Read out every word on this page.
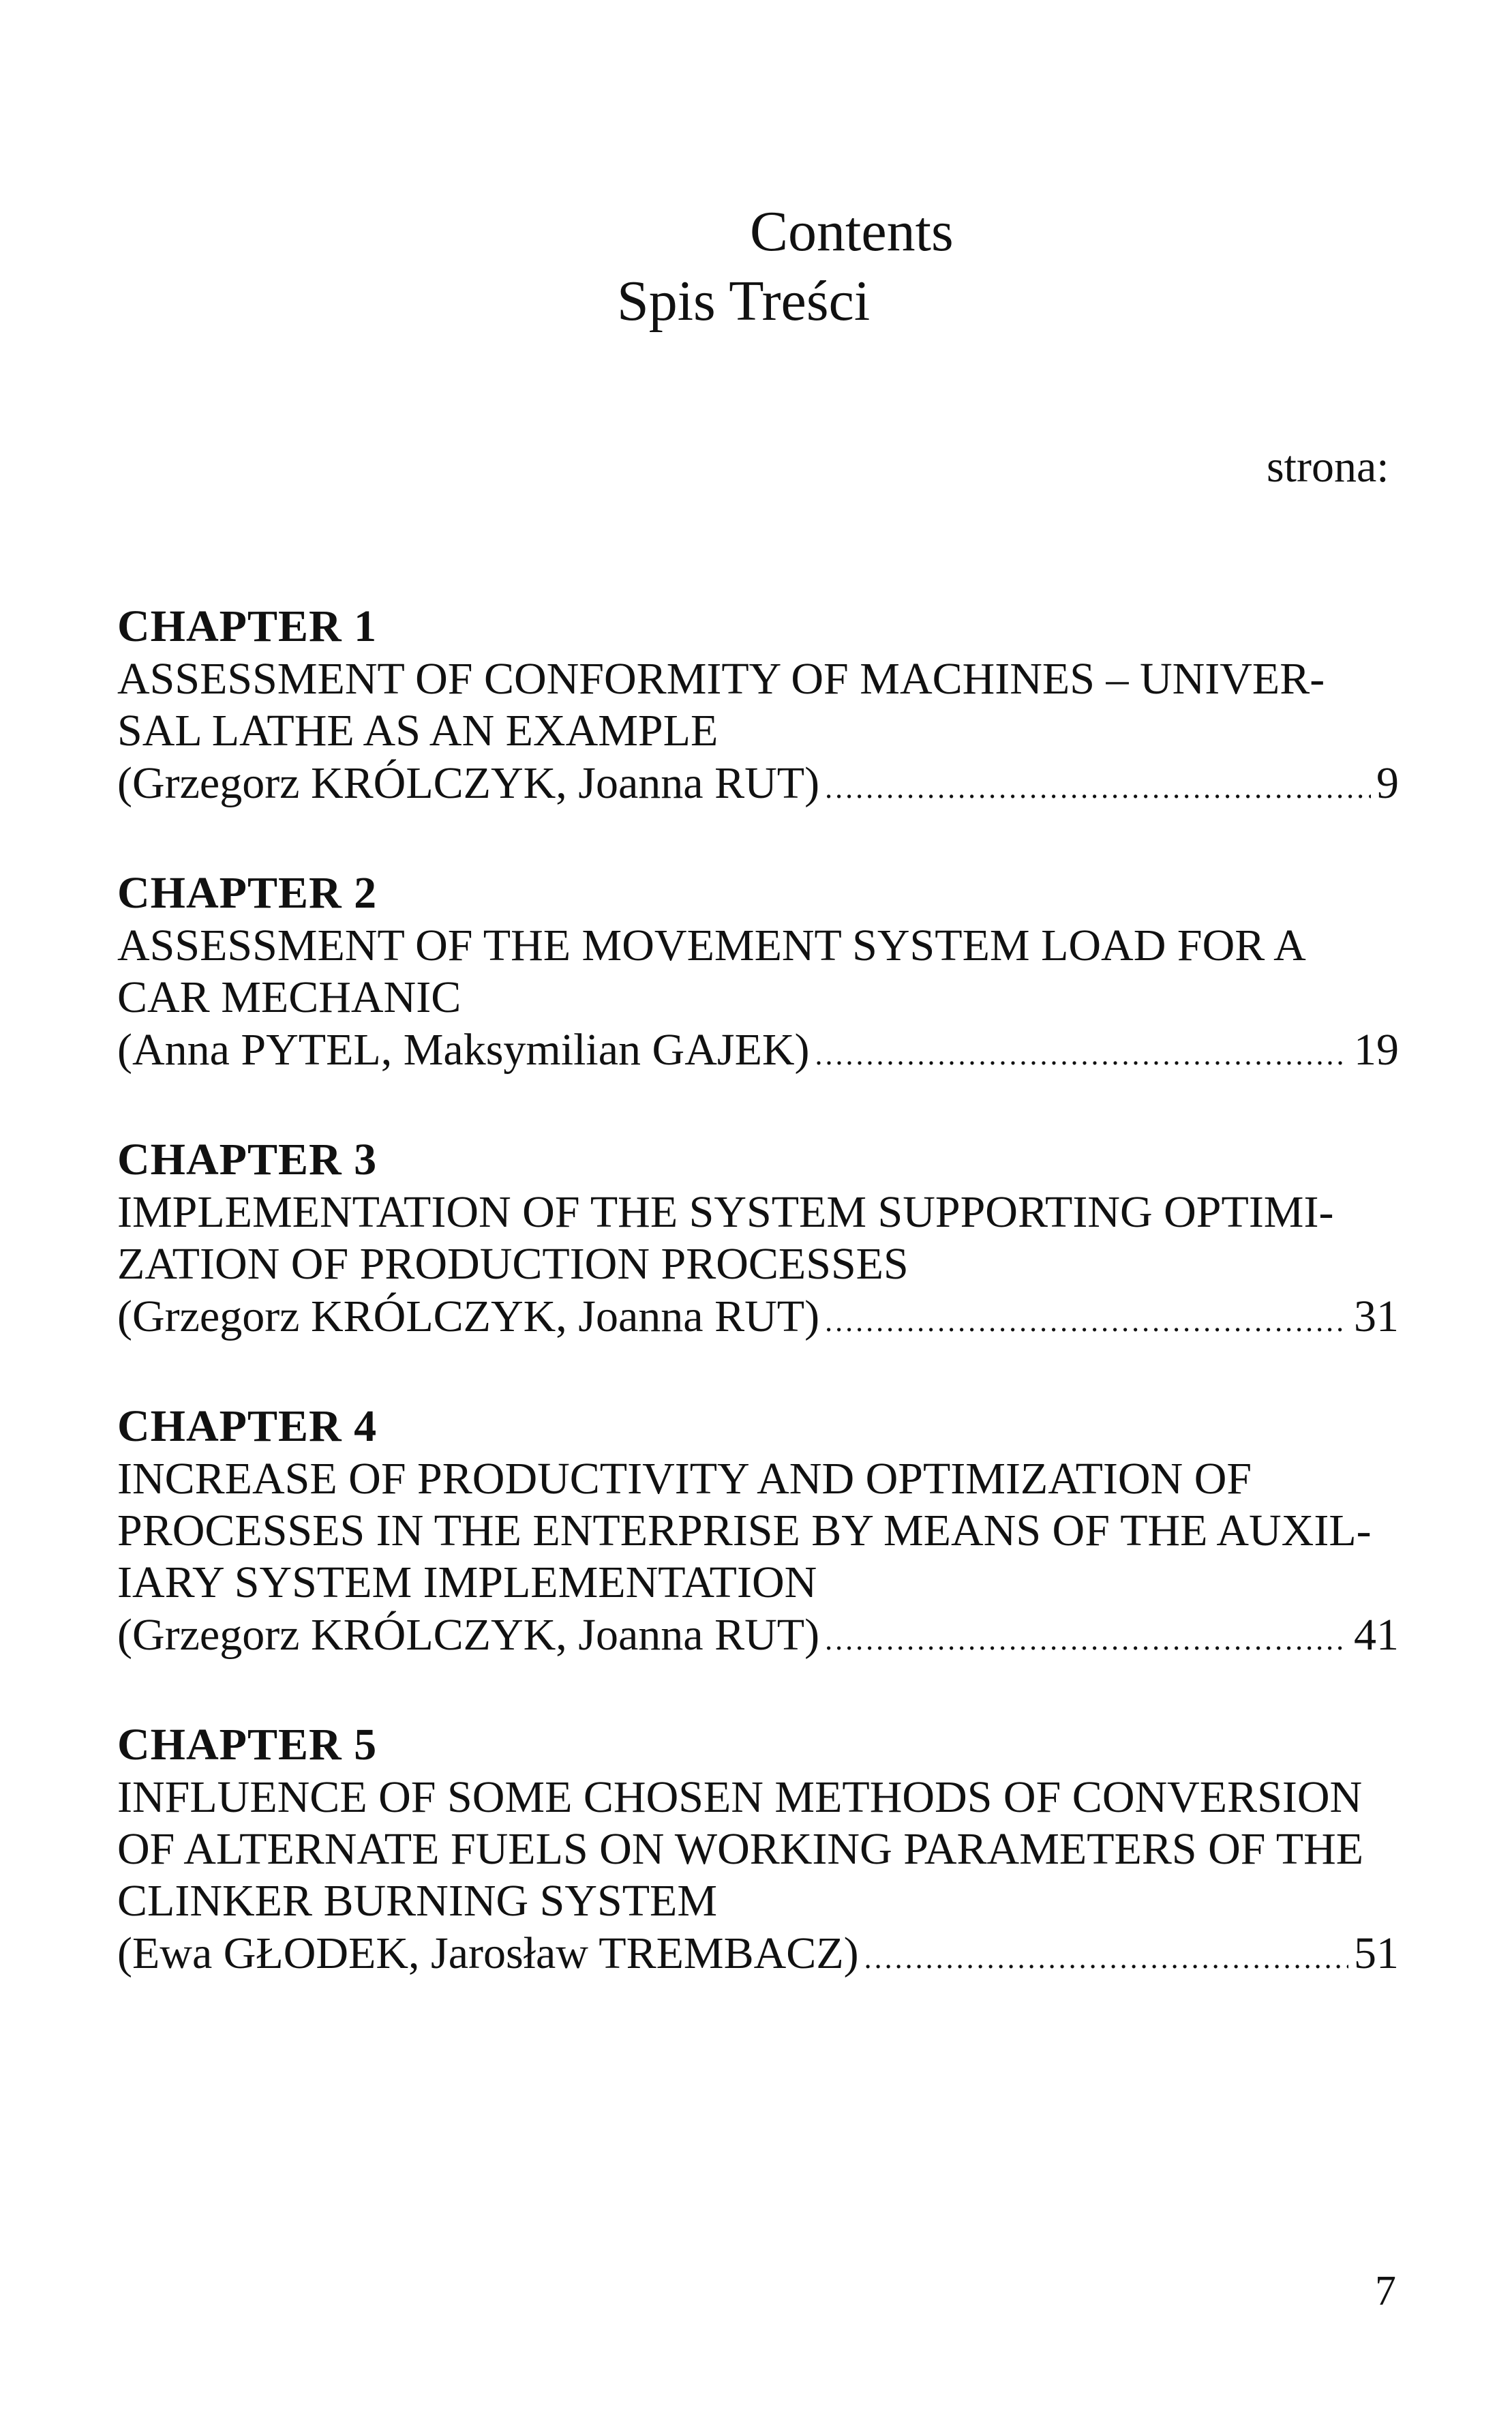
Contents
Spis Treści
strona:
CHAPTER 1
ASSESSMENT OF CONFORMITY OF MACHINES – UNIVER-
SAL LATHE AS AN EXAMPLE
(Grzegorz KRÓLCZYK, Joanna RUT) .....	9
CHAPTER 2
ASSESSMENT OF THE MOVEMENT SYSTEM LOAD FOR A
CAR MECHANIC
(Anna PYTEL, Maksymilian GAJEK) .....	19
CHAPTER 3
IMPLEMENTATION OF THE SYSTEM SUPPORTING OPTIMI-
ZATION OF PRODUCTION PROCESSES
(Grzegorz KRÓLCZYK, Joanna RUT) .....	31
CHAPTER 4
INCREASE OF PRODUCTIVITY AND OPTIMIZATION OF
PROCESSES IN THE ENTERPRISE BY MEANS OF THE AUXIL-
IARY SYSTEM IMPLEMENTATION
(Grzegorz KRÓLCZYK, Joanna RUT) .....	41
CHAPTER 5
INFLUENCE OF SOME CHOSEN METHODS OF CONVERSION
OF ALTERNATE FUELS ON WORKING PARAMETERS OF THE
CLINKER BURNING SYSTEM
(Ewa GŁODEK, Jarosław TREMBACZ) .....	51
7
